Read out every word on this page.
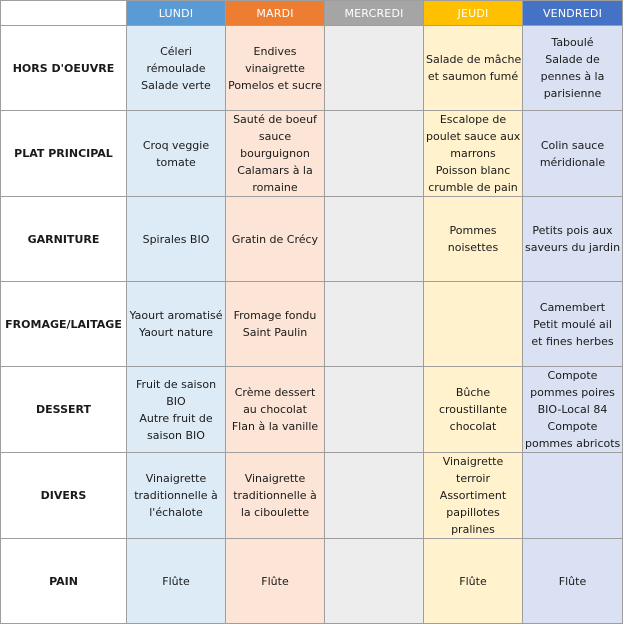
	LUNDI	MARDI	MERCREDI	JEUDI	VENDREDI
HORS D'OEUVRE	Céleri
rémoulade
Salade verte	Endives
vinaigrette
Pomelos et sucre		Salade de mâche
et saumon fumé	Taboulé
Salade de
pennes à la
parisienne

PLAT PRINCIPAL	Croq veggie
tomate	Sauté de boeuf
sauce
bourguignon
Calamars à la
romaine		Escalope de
poulet sauce aux
marrons
Poisson blanc
crumble de pain	Colin sauce
méridionale

GARNITURE	Spirales BIO	Gratin de Crécy		Pommes
noisettes	Petits pois aux
saveurs du jardin

FROMAGE/LAITAGE	Yaourt aromatisé
Yaourt nature	Fromage fondu
Saint Paulin			Camembert
Petit moulé ail
et fines herbes

DESSERT	Fruit de saison
BIO
Autre fruit de
saison BIO	Crème dessert
au chocolat
Flan à la vanille		Bûche
croustillante
chocolat	Compote
pommes poires
BIO-Local 84
Compote
pommes abricots

DIVERS	Vinaigrette
traditionnelle à
l'échalote	Vinaigrette
traditionnelle à
la ciboulette		Vinaigrette
terroir
Assortiment
papillotes
pralines	

PAIN	Flûte	Flûte		Flûte	Flûte
